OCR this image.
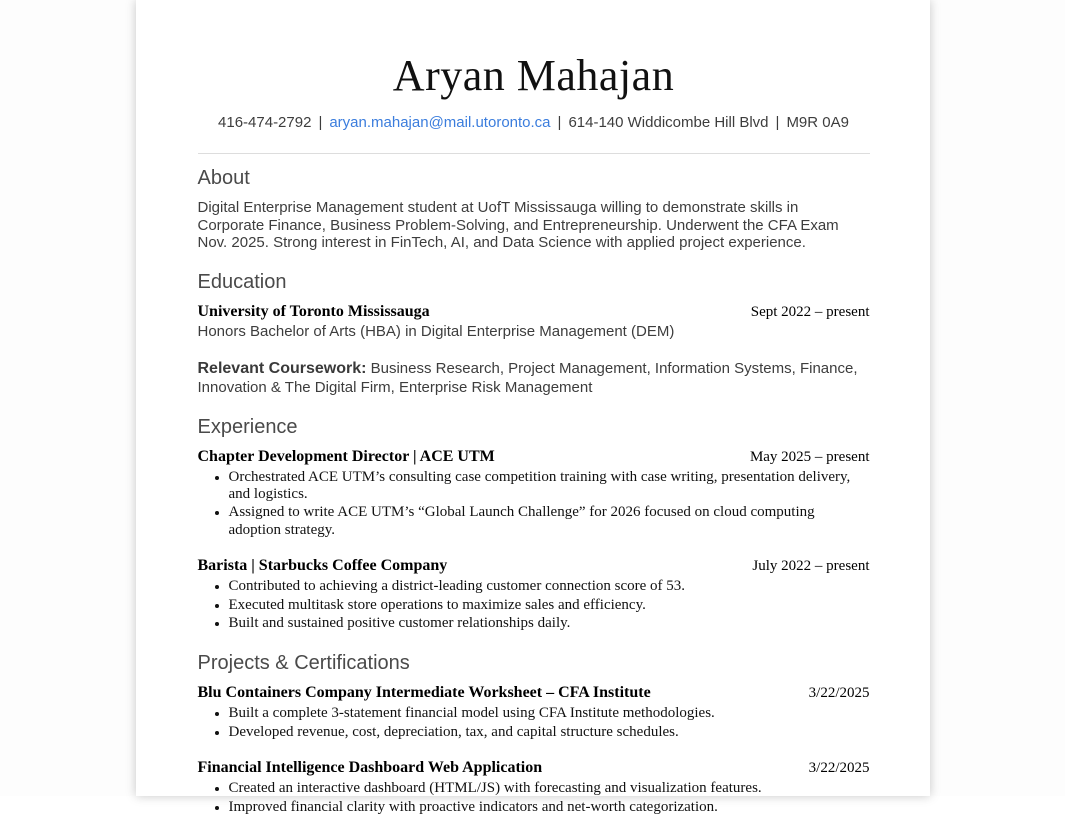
Aryan Mahajan
416-474-2792 | aryan.mahajan@mail.utoronto.ca | 614-140 Widdicombe Hill Blvd | M9R 0A9
About

Digital Enterprise Management student at UofT Mississauga willing to demonstrate skills in Corporate Finance, Business Problem-Solving, and Entrepreneurship. Underwent the CFA Exam Nov. 2025. Strong interest in FinTech, AI, and Data Science with applied project experience.

Education
University of Toronto Mississauga	Sept 2022 – present
Honors Bachelor of Arts (HBA) in Digital Enterprise Management (DEM)

Relevant Coursework: Business Research, Project Management, Information Systems, Finance, Innovation & The Digital Firm, Enterprise Risk Management

Experience
Chapter Development Director | ACE UTM	May 2025 – present
• Orchestrated ACE UTM’s consulting case competition training with case writing, presentation delivery, and logistics.
• Assigned to write ACE UTM’s “Global Launch Challenge” for 2026 focused on cloud computing adoption strategy.
Barista | Starbucks Coffee Company	July 2022 – present
• Contributed to achieving a district-leading customer connection score of 53.
• Executed multitask store operations to maximize sales and efficiency.
• Built and sustained positive customer relationships daily.
Projects & Certifications
Blu Containers Company Intermediate Worksheet – CFA Institute	3/22/2025
• Built a complete 3-statement financial model using CFA Institute methodologies.
• Developed revenue, cost, depreciation, tax, and capital structure schedules.
Financial Intelligence Dashboard Web Application	3/22/2025
• Created an interactive dashboard (HTML/JS) with forecasting and visualization features.
• Improved financial clarity with proactive indicators and net-worth categorization.
